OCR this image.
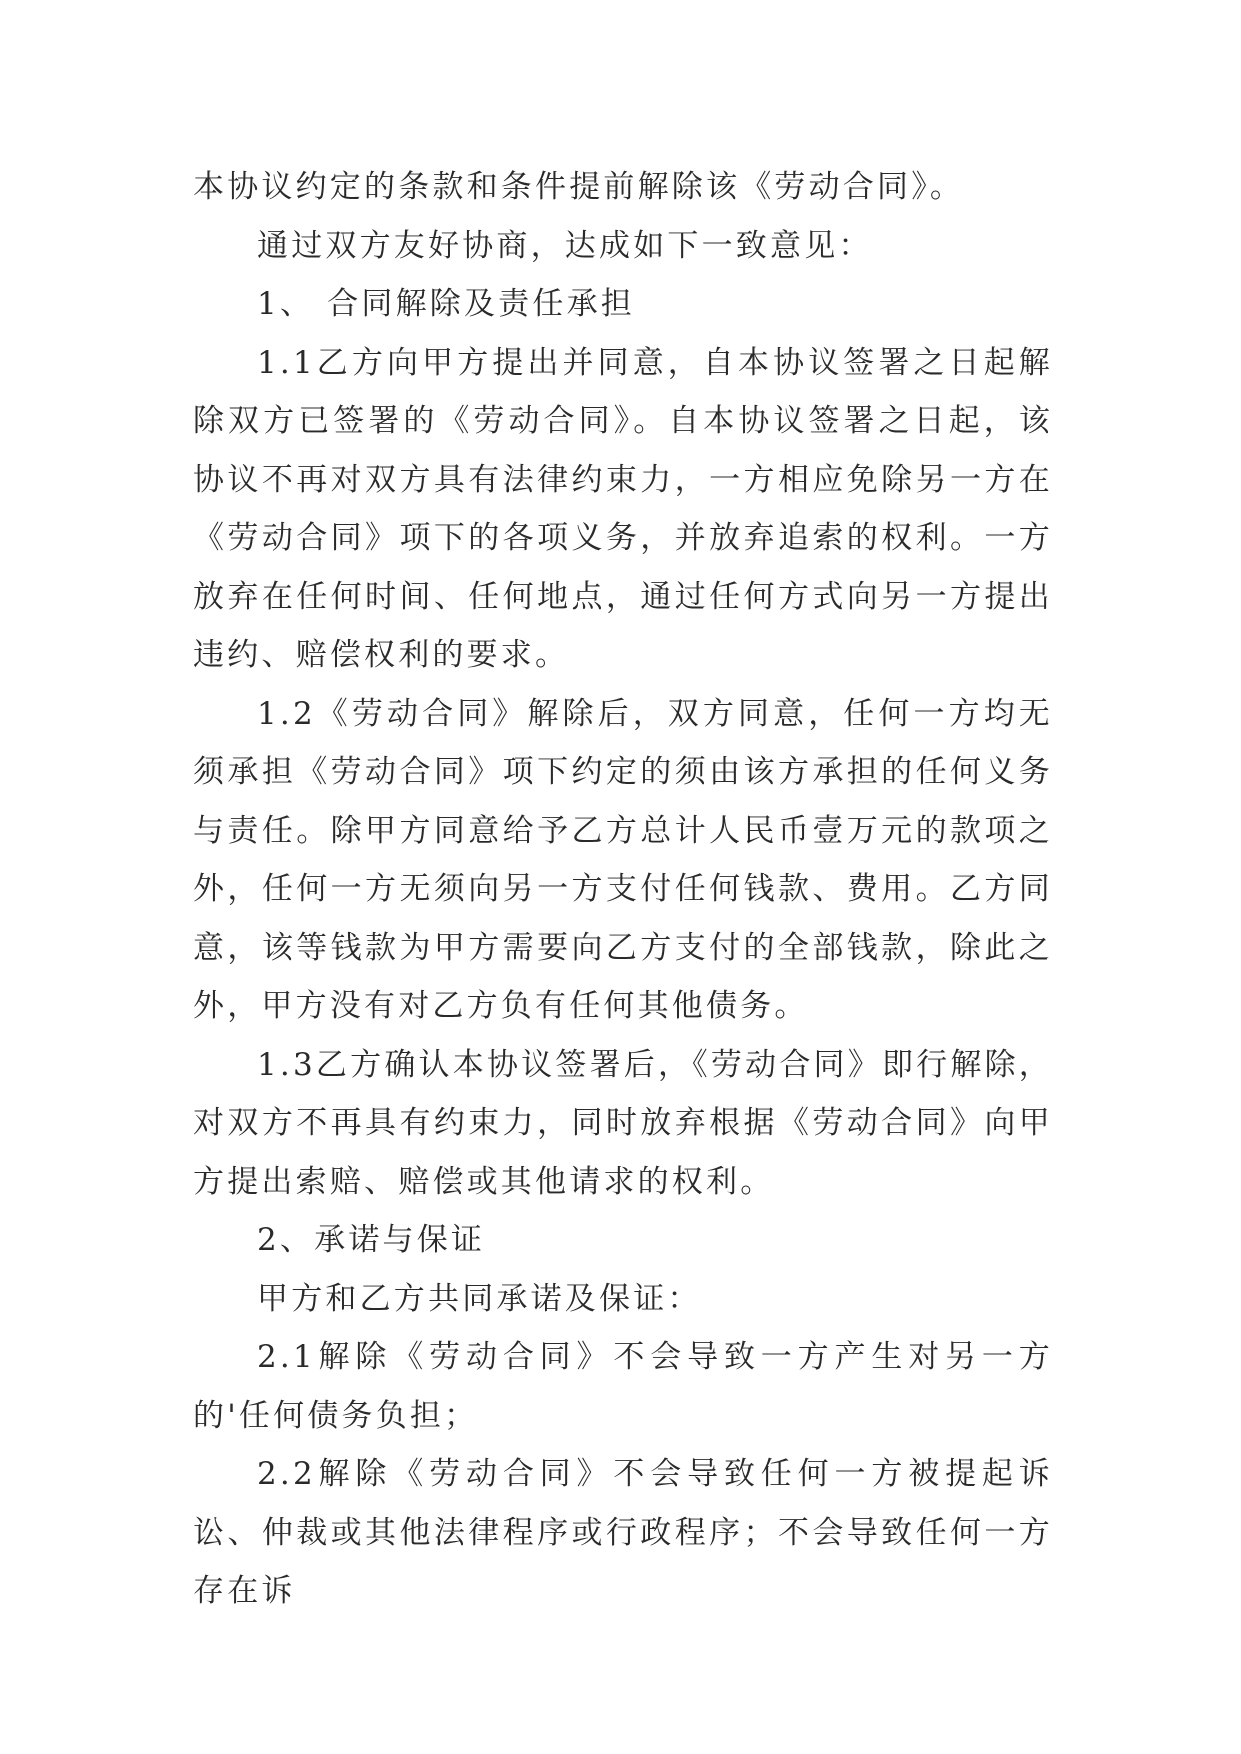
本协议约定的条款和条件提前解除该《劳动合同》。

通过双方友好协商，达成如下一致意见：

1、 合同解除及责任承担

1.1乙方向甲方提出并同意，自本协议签署之日起解除双方已签署的《劳动合同》。自本协议签署之日起，该协议不再对双方具有法律约束力，一方相应免除另一方在《劳动合同》项下的各项义务，并放弃追索的权利。一方放弃在任何时间、任何地点，通过任何方式向另一方提出违约、赔偿权利的要求。

1.2《劳动合同》解除后，双方同意，任何一方均无须承担《劳动合同》项下约定的须由该方承担的任何义务与责任。除甲方同意给予乙方总计人民币壹万元的款项之外，任何一方无须向另一方支付任何钱款、费用。乙方同意，该等钱款为甲方需要向乙方支付的全部钱款，除此之外，甲方没有对乙方负有任何其他债务。

1.3乙方确认本协议签署后，《劳动合同》即行解除，对双方不再具有约束力，同时放弃根据《劳动合同》向甲方提出索赔、赔偿或其他请求的权利。

2、承诺与保证

甲方和乙方共同承诺及保证：

2.1解除《劳动合同》不会导致一方产生对另一方的'任何债务负担；

2.2解除《劳动合同》不会导致任何一方被提起诉讼、仲裁或其他法律程序或行政程序；不会导致任何一方存在诉
